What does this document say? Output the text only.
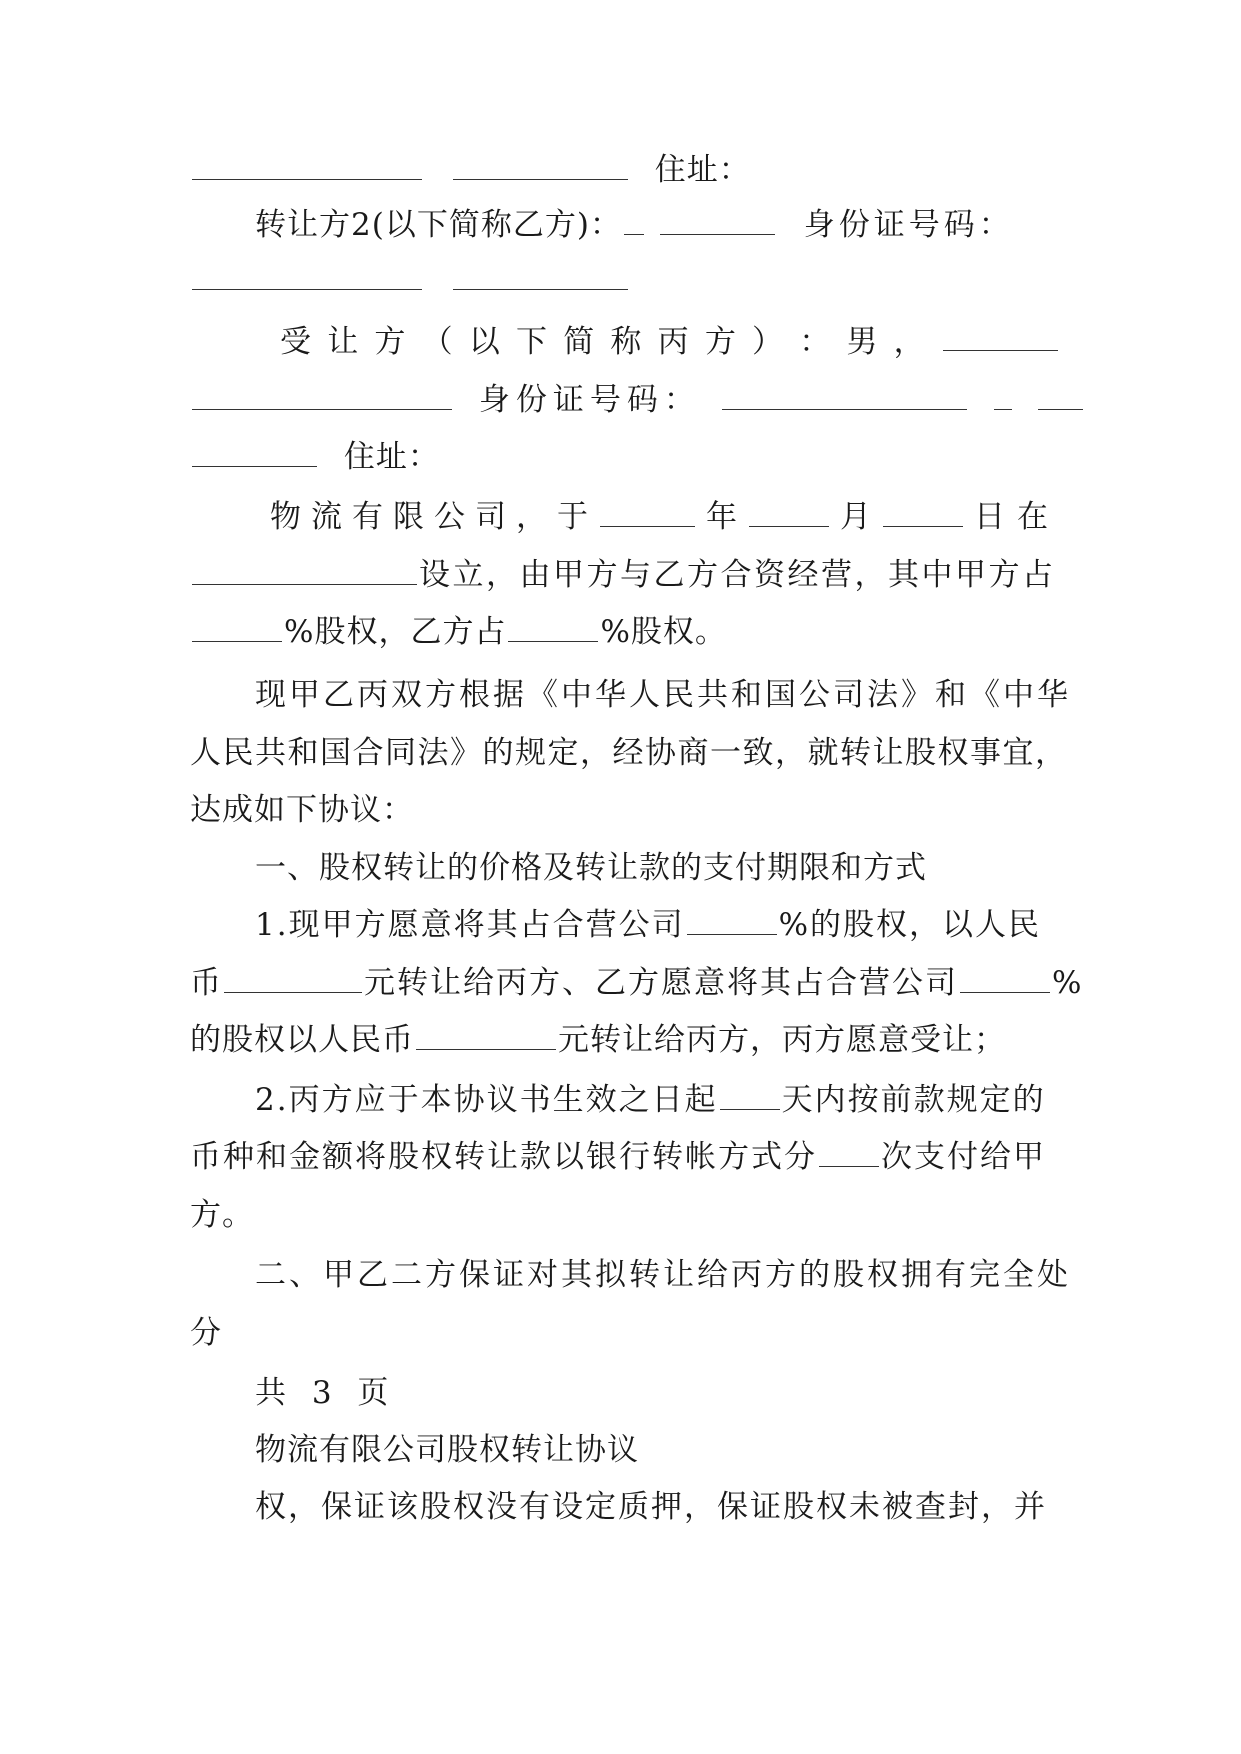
住址：
转让方2(以下简称乙方)：	身份证号码：

受 让 方 （ 以 下 简 称 丙 方 ） ： 男 ，
身份证号码：
住址：
物 流 有 限 公 司 ， 于	年	月	日在
设立，由甲方与乙方合资经营，其中甲方占
%股权，乙方占	%股权。
现甲乙丙双方根据《中华人民共和国公司法》和《中华
人民共和国合同法》的规定，经协商一致，就转让股权事宜，
达成如下协议：
一、股权转让的价格及转让款的支付期限和方式
1.现甲方愿意将其占合营公司	%的股权，以人民
币	元转让给丙方、乙方愿意将其占合营公司	%
的股权以人民币	元转让给丙方，丙方愿意受让；
2.丙方应于本协议书生效之日起 天内按前款规定的
币种和金额将股权转让款以银行转帐方式分 次支付给甲
方。
二、甲乙二方保证对其拟转让给丙方的股权拥有完全处
分
共 3 页
物流有限公司股权转让协议
权，保证该股权没有设定质押，保证股权未被查封，并
